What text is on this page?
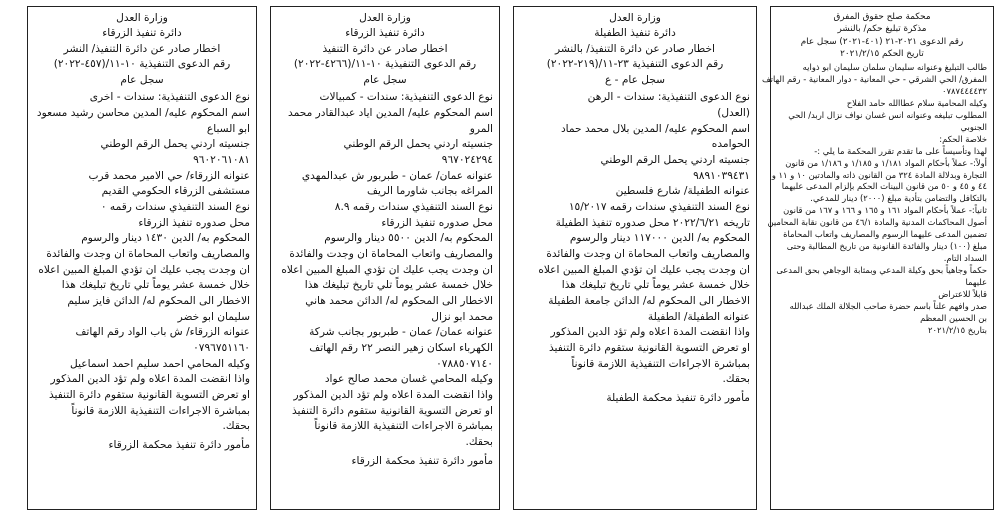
محكمة صلح حقوق المفرق
مذكرة تبليغ حكم/ بالنشر
رقم الدعوى ٢٠٢١-٢١ (٤٠١-٢٠٢١) سجل عام
تاريخ الحكم ٢٠٢١/٢/١٥
طالب التبليغ وعنوانه سليمان سلمان سليمان ابو ذوايه
المفرق/ الحي الشرقي - حي المعانية - دوار المعانية - رقم الهاتف
٠٧٨٧٤٤٤٤٣٢
وكيله المحامية سلام عطاالله حامد الفلاح
المطلوب تبليغه وعنوانه انس غسان نواف نزال اربد/ الحي
الجنوبي
خلاصة الحكم:
لهذا وتأسيساً على ما تقدم تقرر المحكمة ما يلي :-
أولاً:- عملاً بأحكام المواد ١/١٨١ و ١/١٨٥ و ١/١٨٦ من قانون
التجارة وبدلالة المادة ٣٢٤ من القانون ذاته والمادتين ١٠ و ١١ و
٤٤ و ٤٥ و ٥٠ من قانون البينات الحكم بإلزام المدعى عليهما
بالتكافل والتضامن بتأدية مبلغ (٢٠٠٠) دينار للمدعي.
ثانياً:- عملاً بأحكام المواد ١٦١ و ١٦٥ و ١٦٦ و ١٦٧ من قانون
أصول المحاكمات المدنية والمادة ٤٦/١ من قانون نقابة المحامين
تضمين المدعى عليهما الرسوم والمصاريف واتعاب المحاماة
مبلغ (١٠٠) دينار والفائدة القانونية من تاريخ المطالبة وحتى
السداد التام.
حكماً وجاهياً بحق وكيلة المدعي وبمثابة الوجاهي بحق المدعى
عليهما
قابلاً للاعتراض
صدر وافهم علناً باسم حضرة صاحب الجلالة الملك عبدالله
بن الحسين المعظم
بتاريخ ٢٠٢١/٢/١٥
وزارة العدل
دائرة تنفيذ الطفيلة
اخطار صادر عن دائرة التنفيذ/ بالنشر
رقم الدعوى التنفيذية ٢٣-١١/(٢١٩-٢٠٢٢)
سجل عام - ع
نوع الدعوى التنفيذية: سندات - الرهن
(العدل)
اسم المحكوم عليه/ المدين بلال محمد حماد
الحوامده
جنسيته اردني يحمل الرقم الوطني
٩٨٩١٠٣٩٤٣١
عنوانه الطفيلة/ شارع فلسطين
نوع السند التنفيذي سندات رقمه ١٥/٢٠١٧
تاريخه ٢٠٢٢/٦/٢١ محل صدوره تنفيذ الطفيلة
المحكوم به/ الدين ١١٧٠٠٠ دينار والرسوم
والمصاريف واتعاب المحاماة ان وجدت والفائدة
ان وجدت يجب عليك ان تؤدي المبلغ المبين اعلاه
خلال خمسة عشر يوماً تلي تاريخ تبليغك هذا
الاخطار الى المحكوم له/ الدائن جامعة الطفيلة
عنوانه الطفيلة/ الطفيلة
واذا انقضت المدة اعلاه ولم تؤد الدين المذكور
او تعرض التسوية القانونية ستقوم دائرة التنفيذ
بمباشرة الاجراءات التنفيذية اللازمة قانوناً
بحقك.
مأمور دائرة تنفيذ محكمة الطفيلة
وزارة العدل
دائرة تنفيذ الزرقاء
اخطار صادر عن دائرة التنفيذ
رقم الدعوى التنفيذية ١٠-١١/(٤٢٦٦-٢٠٢٢)
سجل عام
نوع الدعوى التنفيذية: سندات - كمبيالات
اسم المحكوم عليه/ المدين اياد عبدالقادر محمد
المرو
جنسيته اردني يحمل الرقم الوطني
٩٦٧٠٢٤٢٩٤
عنوانه عمان/ عمان - طبربور ش عبدالمهدي
المراغه بجانب شاورما الريف
نوع السند التنفيذي سندات رقمه ٨.٩
محل صدوره تنفيذ الزرقاء
المحكوم به/ الدين ٥٥٠٠ دينار والرسوم
والمصاريف واتعاب المحاماة ان وجدت والفائدة
ان وجدت يجب عليك ان تؤدي المبلغ المبين اعلاه
خلال خمسة عشر يوماً تلي تاريخ تبليغك هذا
الاخطار الى المحكوم له/ الدائن محمد هاني
محمد ابو نزال
عنوانه عمان/ عمان - طبربور بجانب شركة
الكهرباء اسكان زهير النصر ٢٢ رقم الهاتف
٠٧٨٨٥٠٧١٤٠
وكيله المحامي غسان محمد صالح عواد
واذا انقضت المدة اعلاه ولم تؤد الدين المذكور
او تعرض التسوية القانونية ستقوم دائرة التنفيذ
بمباشرة الاجراءات التنفيذية اللازمة قانوناً
بحقك.
مأمور دائرة تنفيذ محكمة الزرقاء
وزارة العدل
دائرة تنفيذ الزرقاء
اخطار صادر عن دائرة التنفيذ/ النشر
رقم الدعوى التنفيذية ١٠-١١/(٤٥٧-٢٠٢٢)
سجل عام
نوع الدعوى التنفيذية: سندات - اخرى
اسم المحكوم عليه/ المدين محاسن رشيد مسعود
ابو السباع
جنسيته اردني يحمل الرقم الوطني
٩٦٠٢٠٦١٠٨١
عنوانه الزرقاء/ حي الامير محمد قرب
مستشفى الزرقاء الحكومي القديم
نوع السند التنفيذي سندات رقمه ٠
محل صدوره تنفيذ الزرقاء
المحكوم به/ الدين ١٤٣٠ دينار والرسوم
والمصاريف واتعاب المحاماة ان وجدت والفائدة
ان وجدت يجب عليك ان تؤدي المبلغ المبين اعلاه
خلال خمسة عشر يوماً تلي تاريخ تبليغك هذا
الاخطار الى المحكوم له/ الدائن فايز سليم
سليمان ابو خضر
عنوانه الزرقاء/ ش باب الواد رقم الهاتف
٠٧٩٦٧٥١١٦٠
وكيله المحامي احمد سليم احمد اسماعيل
واذا انقضت المدة اعلاه ولم تؤد الدين المذكور
او تعرض التسوية القانونية ستقوم دائرة التنفيذ
بمباشرة الاجراءات التنفيذية اللازمة قانوناً
بحقك.
مأمور دائرة تنفيذ محكمة الزرقاء
